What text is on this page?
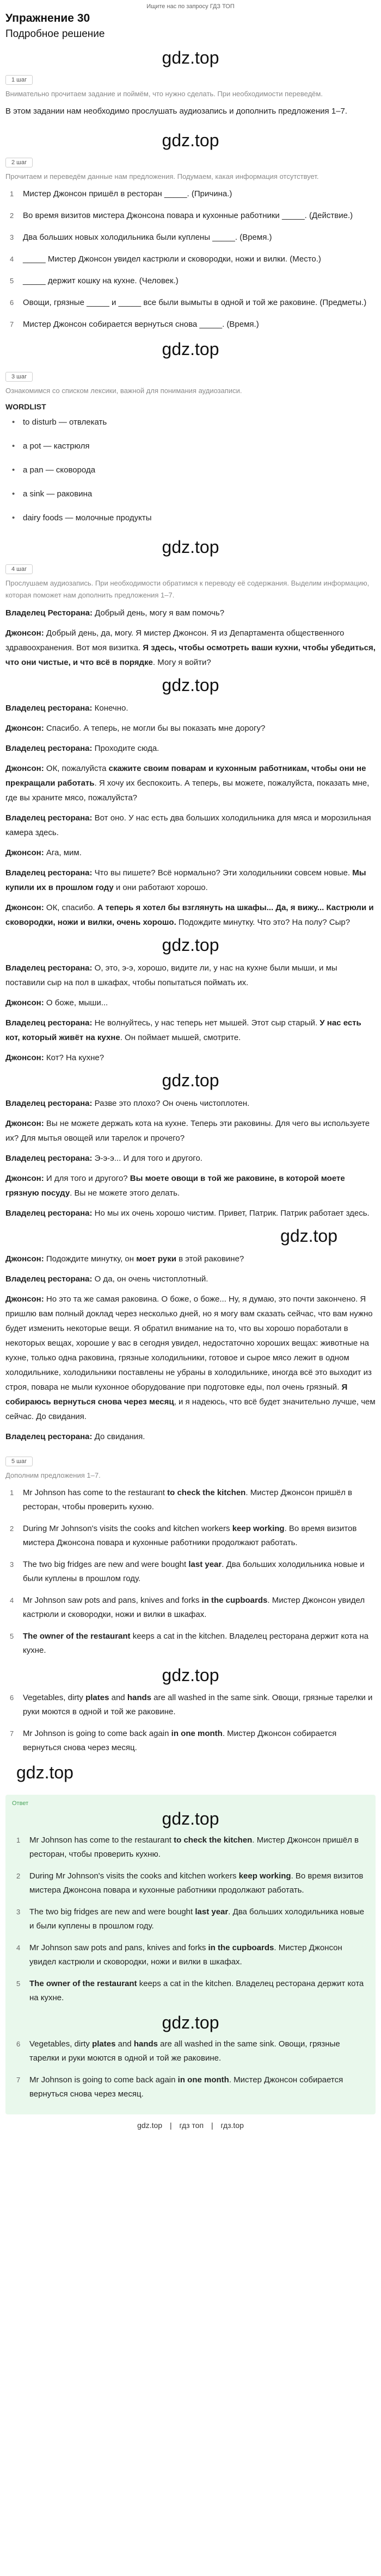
Ищите нас по запросу ГДЗ ТОП
Упражнение 30
Подробное решение
gdz.top
1 шаг
Внимательно прочитаем задание и поймём, что нужно сделать. При необходимости переведём.
В этом задании нам необходимо прослушать аудиозапись и дополнить предложения 1–7.
gdz.top
2 шаг
Прочитаем и переведём данные нам предложения. Подумаем, какая информация отсутствует.
1 Мистер Джонсон пришёл в ресторан _____. (Причина.)
2 Во время визитов мистера Джонсона повара и кухонные работники _____. (Действие.)
3 Два больших новых холодильника были куплены _____. (Время.)
4 _____ Мистер Джонсон увидел кастрюли и сковородки, ножи и вилки. (Место.)
5 _____ держит кошку на кухне. (Человек.)
6 Овощи, грязные _____ и _____ все были вымыты в одной и той же раковине. (Предметы.)
7 Мистер Джонсон собирается вернуться снова _____. (Время.)
gdz.top
3 шаг
Ознакомимся со списком лексики, важной для понимания аудиозаписи.
WORDLIST
• to disturb — отвлекать
• a pot — кастрюля
• a pan — сковорода
• a sink — раковина
• dairy foods — молочные продукты
gdz.top
4 шаг
Прослушаем аудиозапись. При необходимости обратимся к переводу её содержания. Выделим информацию, которая поможет нам дополнить предложения 1–7.

Владелец Ресторана: Добрый день, могу я вам помочь?

Джонсон: Добрый день, да, могу. Я мистер Джонсон. Я из Департамента общественного здравоохранения. Вот моя визитка. Я здесь, чтобы осмотреть ваши кухни, чтобы убедиться, что они чистые, и что всё в порядке. Могу я войти?

gdz.top

Владелец ресторана: Конечно.

Джонсон: Спасибо. А теперь, не могли бы вы показать мне дорогу?

Владелец ресторана: Проходите сюда.

Джонсон: ОК, пожалуйста скажите своим поварам и кухонным работникам, чтобы они не прекращали работать. Я хочу их беспокоить. А теперь, вы можете, пожалуйста, показать мне, где вы храните мясо, пожалуйста?

Владелец ресторана: Вот оно. У нас есть два больших холодильника для мяса и морозильная камера здесь.

Джонсон: Ага, мим.

Владелец ресторана: Что вы пишете? Всё нормально? Эти холодильники совсем новые. Мы купили их в прошлом году и они работают хорошо.

Джонсон: ОК, спасибо. А теперь я хотел бы взглянуть на шкафы... Да, я вижу... Кастрюли и сковородки, ножи и вилки, очень хорошо. Подождите минутку. Что это? На полу? Сыр?

gdz.top

Владелец ресторана: О, это, э-э, хорошо, видите ли, у нас на кухне были мыши, и мы поставили сыр на пол в шкафах, чтобы попытаться поймать их.

Джонсон: О боже, мыши...

Владелец ресторана: Не волнуйтесь, у нас теперь нет мышей. Этот сыр старый. У нас есть кот, который живёт на кухне. Он поймает мышей, смотрите.

Джонсон: Кот? На кухне?

gdz.top

Владелец ресторана: Разве это плохо? Он очень чистоплотен.

Джонсон: Вы не можете держать кота на кухне. Теперь эти раковины. Для чего вы используете их? Для мытья овощей или тарелок и прочего?

Владелец ресторана: Э-э-э... И для того и другого.

Джонсон: И для того и другого? Вы моете овощи в той же раковине, в которой моете грязную посуду. Вы не можете этого делать.

Владелец ресторана: Но мы их очень хорошо чистим. Привет, Патрик. Патрик работает здесь.

gdz.top

Джонсон: Подождите минутку, он моет руки в этой раковине?

Владелец ресторана: О да, он очень чистоплотный.

Джонсон: Но это та же самая раковина. О боже, о боже... Ну, я думаю, это почти закончено. Я пришлю вам полный доклад через несколько дней, но я могу вам сказать сейчас, что вам нужно будет изменить некоторые вещи. Я обратил внимание на то, что вы хорошо поработали в некоторых вещах, хорошие у вас в сегодня увидел, недостаточно хороших вещах: животные на кухне, только одна раковина, грязные холодильники, готовое и сырое мясо лежит в одном холодильнике, холодильники поставлены не убраны в холодильнике, иногда всё это выходит из строя, повара не мыли кухонное оборудование при подготовке еды, пол очень грязный. Я собираюсь вернуться снова через месяц, и я надеюсь, что всё будет значительно лучше, чем сейчас. До свидания.

Владелец ресторана: До свидания.

5 шаг
Дополним предложения 1–7.
1 Mr Johnson has come to the restaurant to check the kitchen. Мистер Джонсон пришёл в ресторан, чтобы проверить кухню.
2 During Mr Johnson's visits the cooks and kitchen workers keep working. Во время визитов мистера Джонсона повара и кухонные работники продолжают работать.
3 The two big fridges are new and were bought last year. Два больших холодильника новые и были куплены в прошлом году.
4 Mr Johnson saw pots and pans, knives and forks in the cupboards. Мистер Джонсон увидел кастрюли и сковородки, ножи и вилки в шкафах.
5 The owner of the restaurant keeps a cat in the kitchen. Владелец ресторана держит кота на кухне.
gdz.top
6 Vegetables, dirty plates and hands are all washed in the same sink. Овощи, грязные тарелки и руки моются в одной и той же раковине.
7 Mr Johnson is going to come back again in one month. Мистер Джонсон собирается вернуться снова через месяц.
gdz.top
Ответ
gdz.top
1 Mr Johnson has come to the restaurant to check the kitchen. Мистер Джонсон пришёл в ресторан, чтобы проверить кухню.
2 During Mr Johnson's visits the cooks and kitchen workers keep working. Во время визитов мистера Джонсона повара и кухонные работники продолжают работать.
3 The two big fridges are new and were bought last year. Два больших холодильника новые и были куплены в прошлом году.
4 Mr Johnson saw pots and pans, knives and forks in the cupboards. Мистер Джонсон увидел кастрюли и сковородки, ножи и вилки в шкафах.
5 The owner of the restaurant keeps a cat in the kitchen. Владелец ресторана держит кота на кухне.
gdz.top
6 Vegetables, dirty plates and hands are all washed in the same sink. Овощи, грязные тарелки и руки моются в одной и той же раковине.
7 Mr Johnson is going to come back again in one month. Мистер Джонсон собирается вернуться снова через месяц.
gdz.top | гдз топ | гдз.top
